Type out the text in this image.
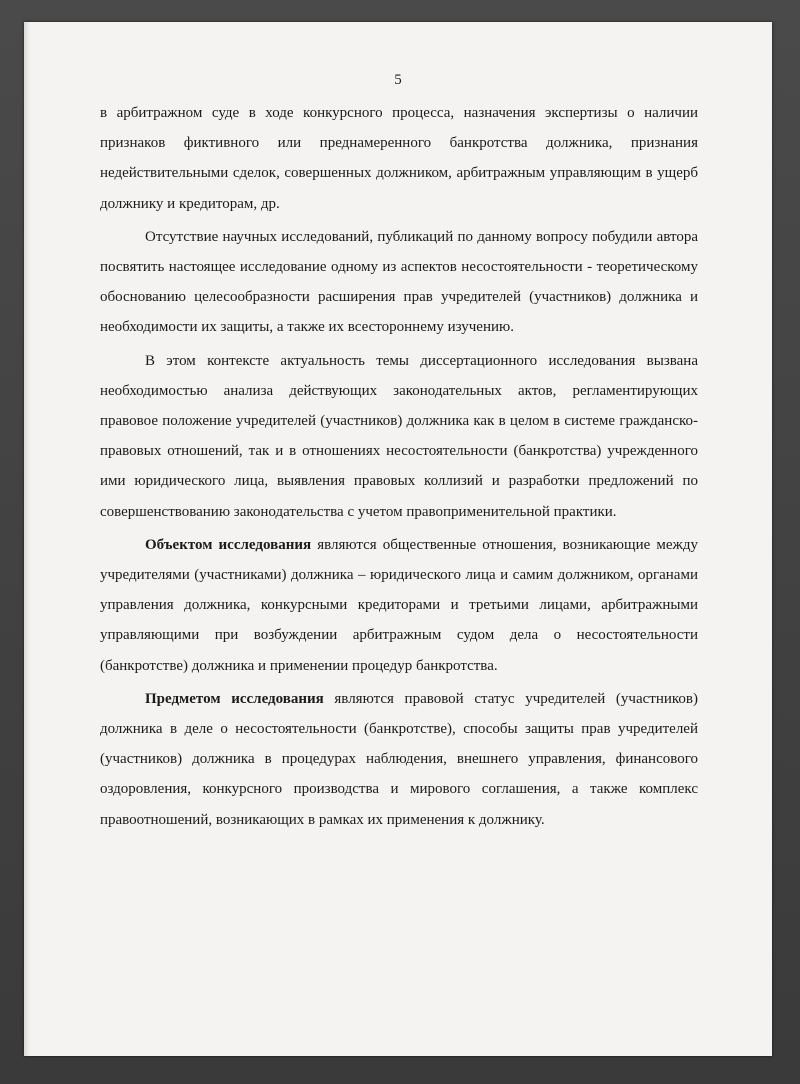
5

в арбитражном суде в ходе конкурсного процесса, назначения экспертизы о наличии признаков фиктивного или преднамеренного банкротства должника, признания недействительными сделок, совершенных должником, арбитражным управляющим в ущерб должнику и кредиторам, др.

Отсутствие научных исследований, публикаций по данному вопросу побудили автора посвятить настоящее исследование одному из аспектов несостоятельности - теоретическому обоснованию целесообразности расширения прав учредителей (участников) должника и необходимости их защиты, а также их всестороннему изучению.

В этом контексте актуальность темы диссертационного исследования вызвана необходимостью анализа действующих законодательных актов, регламентирующих правовое положение учредителей (участников) должника как в целом в системе гражданско-правовых отношений, так и в отношениях несостоятельности (банкротства) учрежденного ими юридического лица, выявления правовых коллизий и разработки предложений по совершенствованию законодательства с учетом правоприменительной практики.

Объектом исследования являются общественные отношения, возникающие между учредителями (участниками) должника – юридического лица и самим должником, органами управления должника, конкурсными кредиторами и третьими лицами, арбитражными управляющими при возбуждении арбитражным судом дела о несостоятельности (банкротстве) должника и применении процедур банкротства.

Предметом исследования являются правовой статус учредителей (участников) должника в деле о несостоятельности (банкротстве), способы защиты прав учредителей (участников) должника в процедурах наблюдения, внешнего управления, финансового оздоровления, конкурсного производства и мирового соглашения, а также комплекс правоотношений, возникающих в рамках их применения к должнику.
